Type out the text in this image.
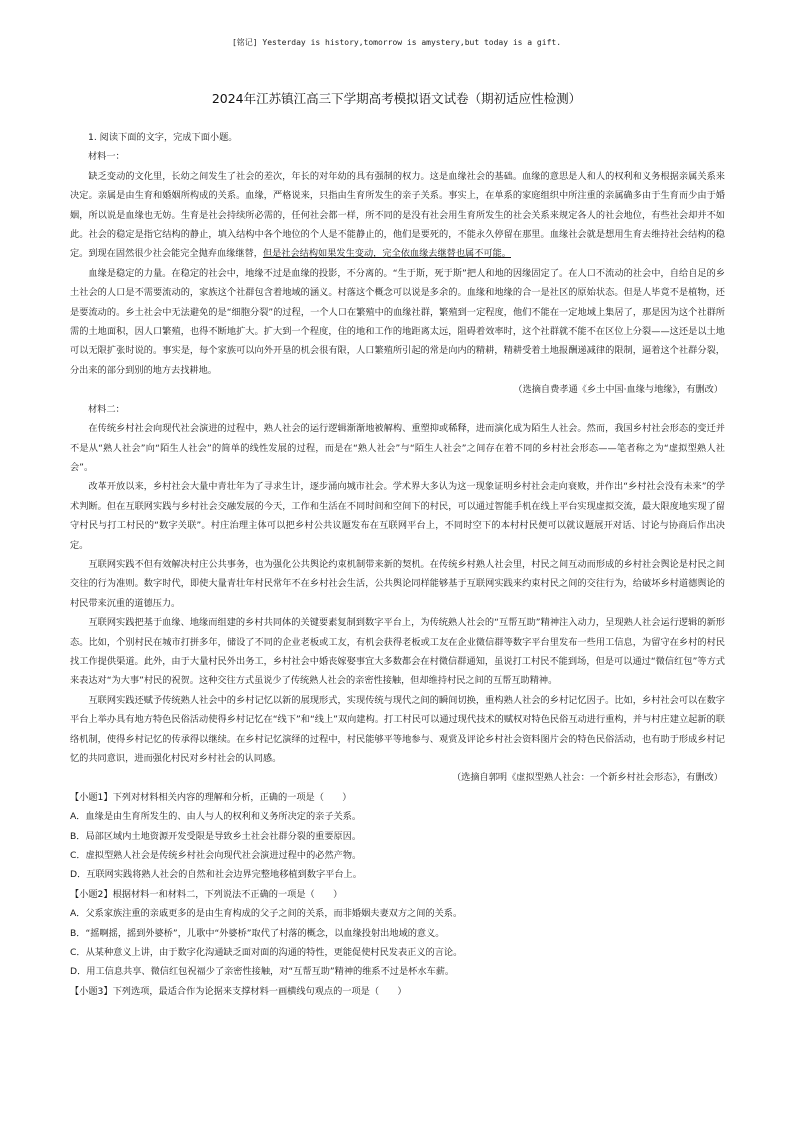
[铭记] Yesterday is history,tomorrow is amystery,but today is a gift.
2024年江苏镇江高三下学期高考模拟语文试卷（期初适应性检测）

1. 阅读下面的文字，完成下面小题。

材料一：

缺乏变动的文化里，长幼之间发生了社会的差次，年长的对年幼的具有强制的权力。这是血缘社会的基础。血缘的意思是人和人的权利和义务根据亲属关系来决定。亲属是由生育和婚姻所构成的关系。血缘，严格说来，只指由生育所发生的亲子关系。事实上，在单系的家庭组织中所注重的亲属确多由于生育而少由于婚姻，所以说是血缘也无妨。生育是社会持续所必需的，任何社会都一样，所不同的是没有社会用生育所发生的社会关系来规定各人的社会地位，有些社会却并不如此。社会的稳定是指它结构的静止，填入结构中各个地位的个人是不能静止的，他们是要死的，不能永久停留在那里。血缘社会就是想用生育去维持社会结构的稳定。到现在固然很少社会能完全抛弃血缘继替，但是社会结构如果发生变动，完全依血缘去继替也属不可能。

血缘是稳定的力量。在稳定的社会中，地缘不过是血缘的投影，不分离的。“生于斯，死于斯”把人和地的因缘固定了。在人口不流动的社会中，自给自足的乡土社会的人口是不需要流动的，家族这个社群包含着地域的涵义。村落这个概念可以说是多余的。血缘和地缘的合一是社区的原始状态。但是人毕竟不是植物，还是要流动的。乡土社会中无法避免的是“细胞分裂”的过程，一个人口在繁殖中的血缘社群，繁殖到一定程度，他们不能在一定地域上集居了，那是因为这个社群所需的土地面积，因人口繁殖，也得不断地扩大。扩大到一个程度，住的地和工作的地距离太远，阻碍着效率时，这个社群就不能不在区位上分裂——这还是以土地可以无限扩张时说的。事实是，每个家族可以向外开垦的机会很有限，人口繁殖所引起的常是向内的精耕，精耕受着土地报酬递减律的限制，逼着这个社群分裂，分出来的部分到别的地方去找耕地。

（选摘自费孝通《乡土中国·血缘与地缘》，有删改）

材料二：

在传统乡村社会向现代社会演进的过程中，熟人社会的运行逻辑渐渐地被解构、重塑抑或稀释，进而演化成为陌生人社会。然而，我国乡村社会形态的变迁并不是从“熟人社会”向“陌生人社会”的简单的线性发展的过程，而是在“熟人社会”与“陌生人社会”之间存在着不同的乡村社会形态——笔者称之为“虚拟型熟人社会”。

改革开放以来，乡村社会大量中青壮年为了寻求生计，逐步涌向城市社会。学术界大多认为这一现象证明乡村社会走向衰败，并作出“乡村社会没有未来”的学术判断。但在互联网实践与乡村社会交融发展的今天，工作和生活在不同时间和空间下的村民，可以通过智能手机在线上平台实现虚拟交流，最大限度地实现了留守村民与打工村民的“数字关联”。村庄治理主体可以把乡村公共议题发布在互联网平台上，不同时空下的本村村民便可以就议题展开对话、讨论与协商后作出决定。

互联网实践不但有效解决村庄公共事务，也为强化公共舆论约束机制带来新的契机。在传统乡村熟人社会里，村民之间互动而形成的乡村社会舆论是村民之间交往的行为准则。数字时代，即使大量青壮年村民常年不在乡村社会生活，公共舆论同样能够基于互联网实践来约束村民之间的交往行为，给破坏乡村道德舆论的村民带来沉重的道德压力。

互联网实践把基于血缘、地缘而组建的乡村共同体的关键要素复制到数字平台上，为传统熟人社会的“互帮互助”精神注入动力，呈现熟人社会运行逻辑的新形态。比如，个别村民在城市打拼多年，储设了不同的企业老板或工友，有机会获得老板或工友在企业微信群等数字平台里发布一些用工信息，为留守在乡村的村民找工作提供渠道。此外，由于大量村民外出务工，乡村社会中婚丧嫁娶事宜大多数都会在村微信群通知，虽说打工村民不能到场，但是可以通过“微信红包”等方式来表达对“为大事”村民的祝贺。这种交往方式虽说少了传统熟人社会的亲密性接触，但却维持村民之间的互帮互助精神。

互联网实践还赋予传统熟人社会中的乡村记忆以新的展现形式，实现传统与现代之间的瞬间切换，重构熟人社会的乡村记忆因子。比如，乡村社会可以在数字平台上举办具有地方特色民俗活动使得乡村记忆在“线下”和“线上”双向建构。打工村民可以通过现代技术的赋权对特色民俗互动进行重构，并与村庄建立起新的联络机制，使得乡村记忆的传承得以继续。在乡村记忆演绎的过程中，村民能够平等地参与、观赏及评论乡村社会资料图片会的特色民俗活动，也有助于形成乡村记忆的共同意识，进而强化村民对乡村社会的认同感。

（选摘自郭明《虚拟型熟人社会：一个新乡村社会形态》，有删改）

【小题1】下列对材料相关内容的理解和分析，正确的一项是（　　）

A．血缘是由生育所发生的、由人与人的权利和义务所决定的亲子关系。

B．局部区域内土地资源开发受限是导致乡土社会社群分裂的重要原因。

C．虚拟型熟人社会是传统乡村社会向现代社会演进过程中的必然产物。

D．互联网实践将熟人社会的自然和社会边界完整地移植到数字平台上。

【小题2】根据材料一和材料二，下列说法不正确的一项是（　　）

A．父系家族注重的亲戚更多的是由生育构成的父子之间的关系，而非婚姻夫妻双方之间的关系。

B．“摇啊摇，摇到外婆桥”，儿歌中“外婆桥”取代了村落的概念，以血缘投射出地域的意义。

C．从某种意义上讲，由于数字化沟通缺乏面对面的沟通的特性，更能促使村民发表正义的言论。

D．用工信息共享、微信红包祝福少了亲密性接触，对“互帮互助”精神的维系不过是杯水车薪。

【小题3】下列选项，最适合作为论据来支撑材料一画横线句观点的一项是（　　）
